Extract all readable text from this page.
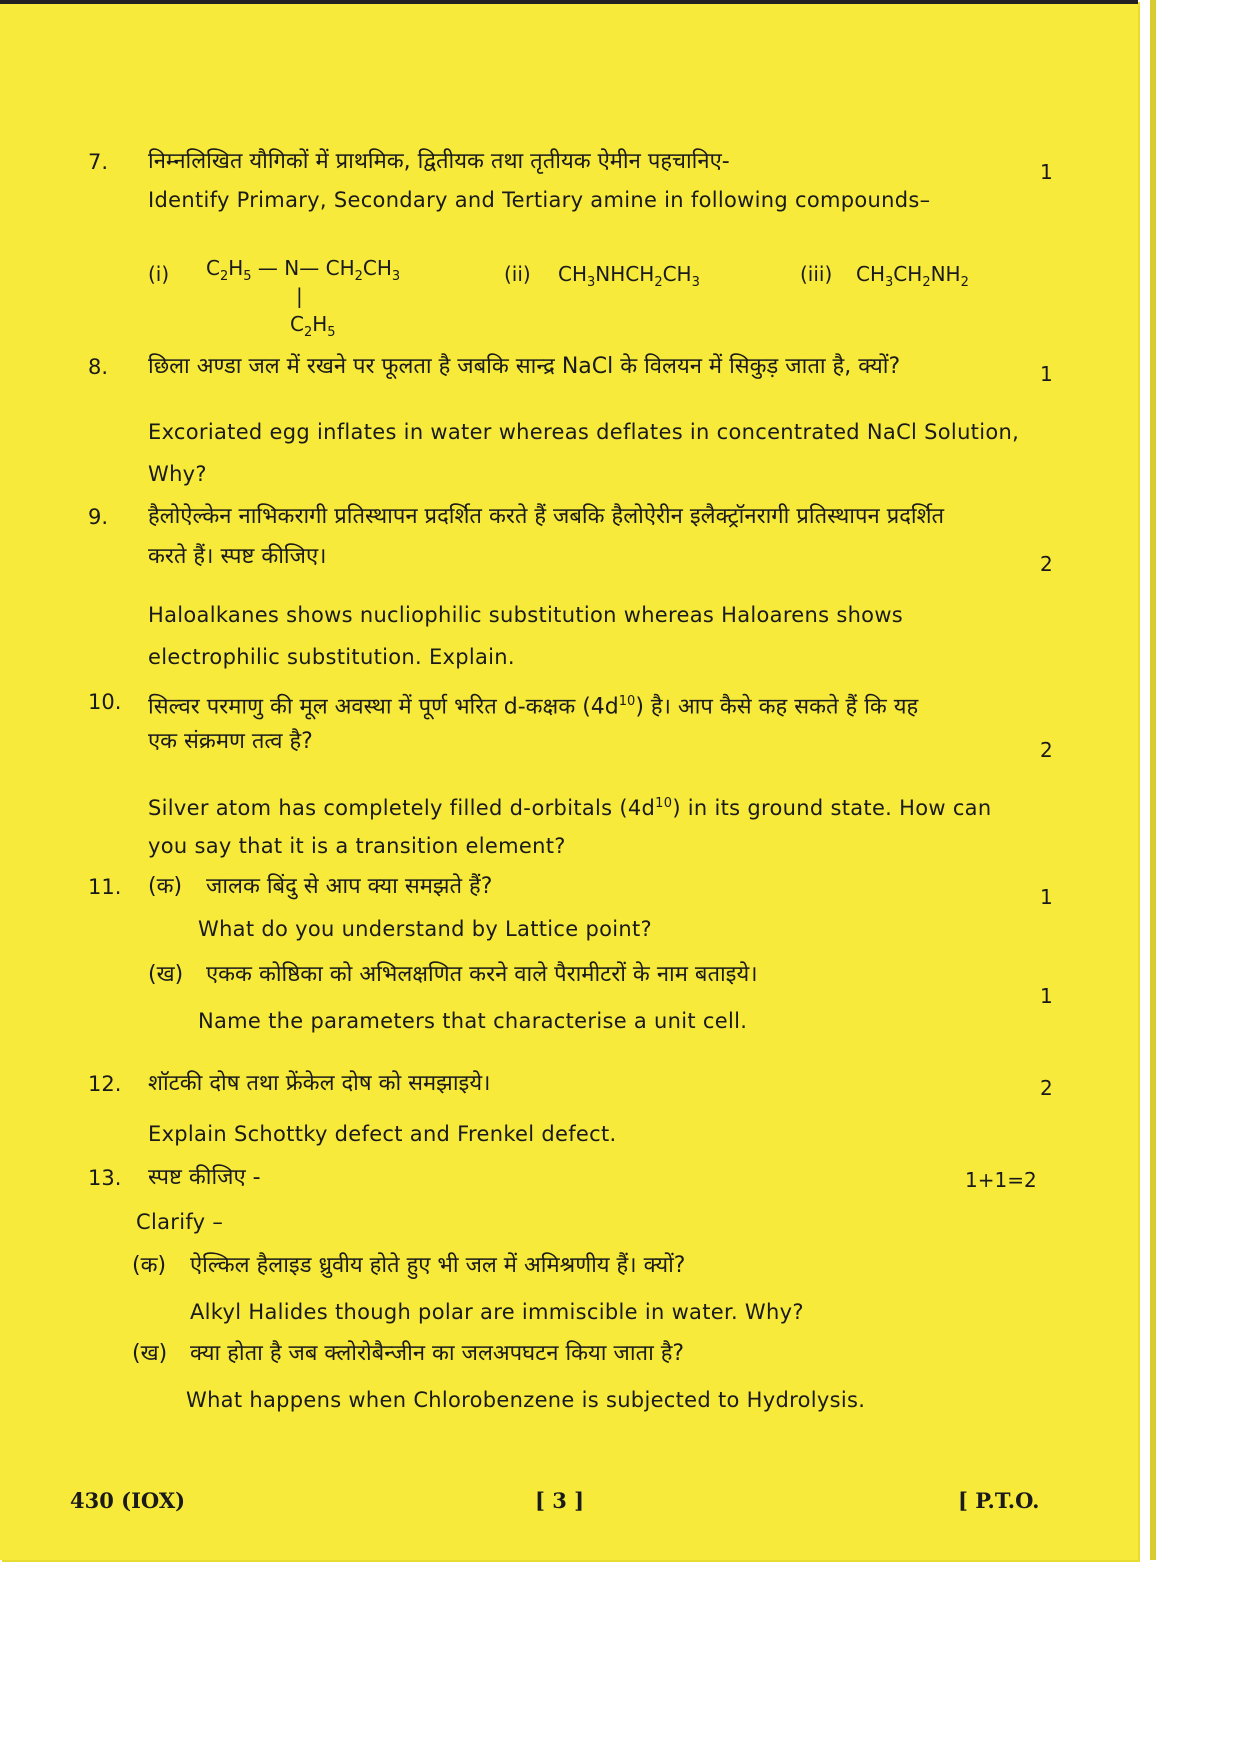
7. निम्नलिखित यौगिकों में प्राथमिक, द्वितीयक तथा तृतीयक ऐमीन पहचानिए-
Identify Primary, Secondary and Tertiary amine in following compounds–
1
(i) $C_2H_5$ — N— $CH_2CH_3$
|
$C_2H_5$
(ii) $CH_3NHCH_2CH_3$	(iii) $CH_3CH_2NH_2$
8. छिला अण्डा जल में रखने पर फूलता है जबकि सान्द्र NaCl के विलयन में सिकुड़ जाता है, क्यों?
Excoriated egg inflates in water whereas deflates in concentrated NaCl Solution,
Why?
1
9. हैलोऐल्केन नाभिकरागी प्रतिस्थापन प्रदर्शित करते हैं जबकि हैलोऐरीन इलैक्ट्रॉनरागी प्रतिस्थापन प्रदर्शित
करते हैं। स्पष्ट कीजिए।
Haloalkanes shows nucliophilic substitution whereas Haloarens shows
electrophilic substitution. Explain.
2
10. सिल्वर परमाणु की मूल अवस्था में पूर्ण भरित d-कक्षक $(4d^{10})$ है। आप कैसे कह सकते हैं कि यह
एक संक्रमण तत्व है?
Silver atom has completely filled d-orbitals $(4d^{10})$ in its ground state. How can
you say that it is a transition element?
2
11. (क) जालक बिंदु से आप क्या समझते हैं?
What do you understand by Lattice point?
(ख) एकक कोष्ठिका को अभिलक्षणित करने वाले पैरामीटरों के नाम बताइये।
Name the parameters that characterise a unit cell.
1
1
12. शॉटकी दोष तथा फ्रेंकेल दोष को समझाइये।
Explain Schottky defect and Frenkel defect.
2
13. स्पष्ट कीजिए -
Clarify –
(क) ऐल्किल हैलाइड ध्रुवीय होते हुए भी जल में अमिश्रणीय हैं। क्यों?
Alkyl Halides though polar are immiscible in water. Why?
(ख) क्या होता है जब क्लोरोबैन्जीन का जलअपघटन किया जाता है?
What happens when Chlorobenzene is subjected to Hydrolysis.
1+1=2
430 (IOX)	[ 3 ]	[ P.T.O.
